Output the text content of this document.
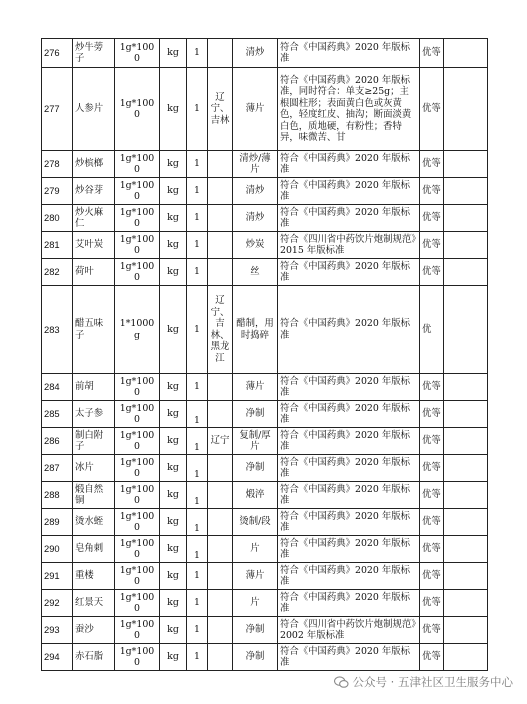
276	炒牛蒡子	1g*1000	kg	1		清炒	符合《中国药典》2020 年版标准	优等	
277	人参片	1g*1000	kg	1	辽宁、吉林	薄片	符合《中国药典》2020 年版标准，同时符合：单支≥25g；主根圆柱形；表面黄白色或灰黄色，轻度红皮、抽沟；断面淡黄白色，质地硬，有粉性；香特异，味微苦、甘	优等	
278	炒槟榔	1g*1000	kg	1		清炒/薄片	符合《中国药典》2020 年版标准	优等	
279	炒谷芽	1g*1000	kg	1		清炒	符合《中国药典》2020 年版标准	优等	
280	炒火麻仁	1g*1000	kg	1		清炒	符合《中国药典》2020 年版标准	优等	
281	艾叶炭	1g*1000	kg	1		炒炭	符合《四川省中药饮片炮制规范》2015 年版标准	优等	
282	荷叶	1g*1000	kg	1		丝	符合《中国药典》2020 年版标准	优等	
283	醋五味子	1*1000g	kg	1	辽宁、吉林、黑龙江	醋制，用时捣碎	符合《中国药典》2020 年版标准	优	
284	前胡	1g*1000	kg	1		薄片	符合《中国药典》2020 年版标准	优等	
285	太子参	1g*1000	kg	1		净制	符合《中国药典》2020 年版标准	优等	
286	制白附子	1g*1000	kg	1	辽宁	复制/厚片	符合《中国药典》2020 年版标准	优等	
287	冰片	1g*1000	kg	1		净制	符合《中国药典》2020 年版标准	优等	
288	煅自然铜	1g*1000	kg	1		煅淬	符合《中国药典》2020 年版标准	优等	
289	烫水蛭	1g*1000	kg	1		烫制/段	符合《中国药典》2020 年版标准	优等	
290	皂角刺	1g*1000	kg	1		片	符合《中国药典》2020 年版标准	优等	
291	重楼	1g*1000	kg	1		薄片	符合《中国药典》2020 年版标准	优等	
292	红景天	1g*1000	kg	1		片	符合《中国药典》2020 年版标准	优等	
293	蚕沙	1g*1000	kg	1		净制	符合《四川省中药饮片炮制规范》2002 年版标准	优等	
294	赤石脂	1g*1000	kg	1		净制	符合《中国药典》2020 年版标准	优等	
公众号 · 五津社区卫生服务中心
